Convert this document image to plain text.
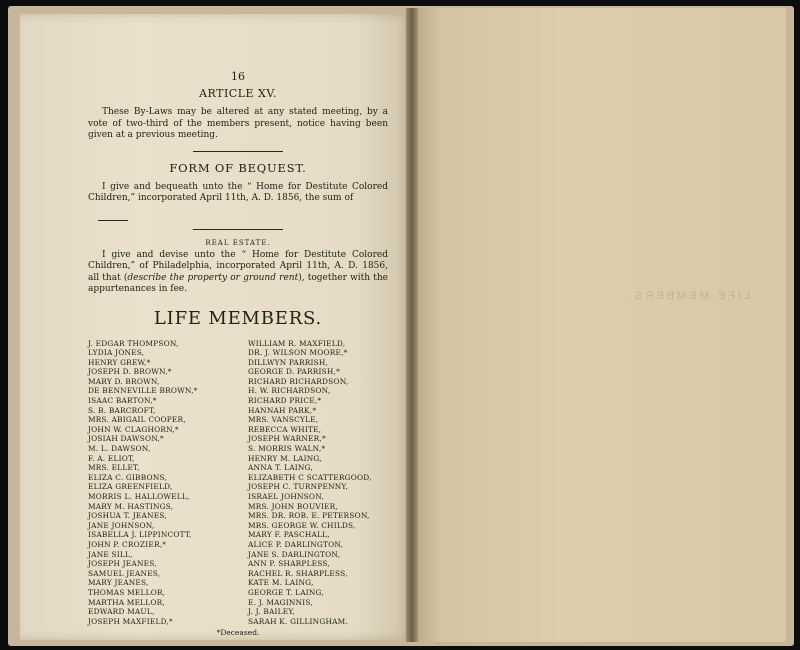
LIFE MEMBERS.
16
ARTICLE XV.

These By-Laws may be altered at any stated meeting, by a vote of two-third of the members present, notice having been given at a previous meeting.

FORM OF BEQUEST.

I give and bequeath unto the “ Home for Destitute Colored Children,” incorporated April 11th, A. D. 1856, the sum of

REAL ESTATE.

I give and devise unto the “ Home for Destitute Colored Children,” of Philadelphia, incorporated April 11th, A. D. 1856, all that (describe the property or ground rent), together with the appurtenances in fee.

LIFE MEMBERS.
J. EDGAR THOMPSON,
LYDIA JONES,
HENRY GREW,*
JOSEPH D. BROWN,*
MARY D. BROWN,
DE BENNEVILLE BROWN,*
ISAAC BARTON,*
S. B. BARCROFT,
MRS. ABIGAIL COOPER,
JOHN W. CLAGHORN,*
JOSIAH DAWSON,*
M. L. DAWSON,
F. A. ELIOT,
MRS. ELLET,
ELIZA C. GIBBONS,
ELIZA GREENFIELD,
MORRIS L. HALLOWELL,
MARY M. HASTINGS,
JOSHUA T. JEANES,
JANE JOHNSON,
ISABELLA J. LIPPINCOTT,
JOHN P. CROZIER,*
JANE SILL,
JOSEPH JEANES,
SAMUEL JEANES,
MARY JEANES,
THOMAS MELLOR,
MARTHA MELLOR,
EDWARD MAUL,
JOSEPH MAXFIELD,*
WILLIAM R. MAXFIELD,
DR. J. WILSON MOORE,*
DILLWYN PARRISH,
GEORGE D. PARRISH,*
RICHARD RICHARDSON,
H. W. RICHARDSON,
RICHARD PRICE,*
HANNAH PARK,*
MRS. VANSCYLE,
REBECCA WHITE,
JOSEPH WARNER,*
S. MORRIS WALN,*
HENRY M. LAING,
ANNA T. LAING,
ELIZABETH C SCATTERGOOD,
JOSEPH C. TURNPENNY,
ISRAEL JOHNSON,
MRS. JOHN BOUVIER,
MRS. DR. ROB. E. PETERSON,
MRS. GEORGE W. CHILDS,
MARY F. PASCHALL,
ALICE P. DARLINGTON,
JANE S. DARLINGTON,
ANN P. SHARPLESS,
RACHEL R. SHARPLESS,
KATE M. LAING,
GEORGE T. LAING,
E. J. MAGINNIS,
J. J. BAILEY,
SARAH K. GILLINGHAM.
*Deceased.
